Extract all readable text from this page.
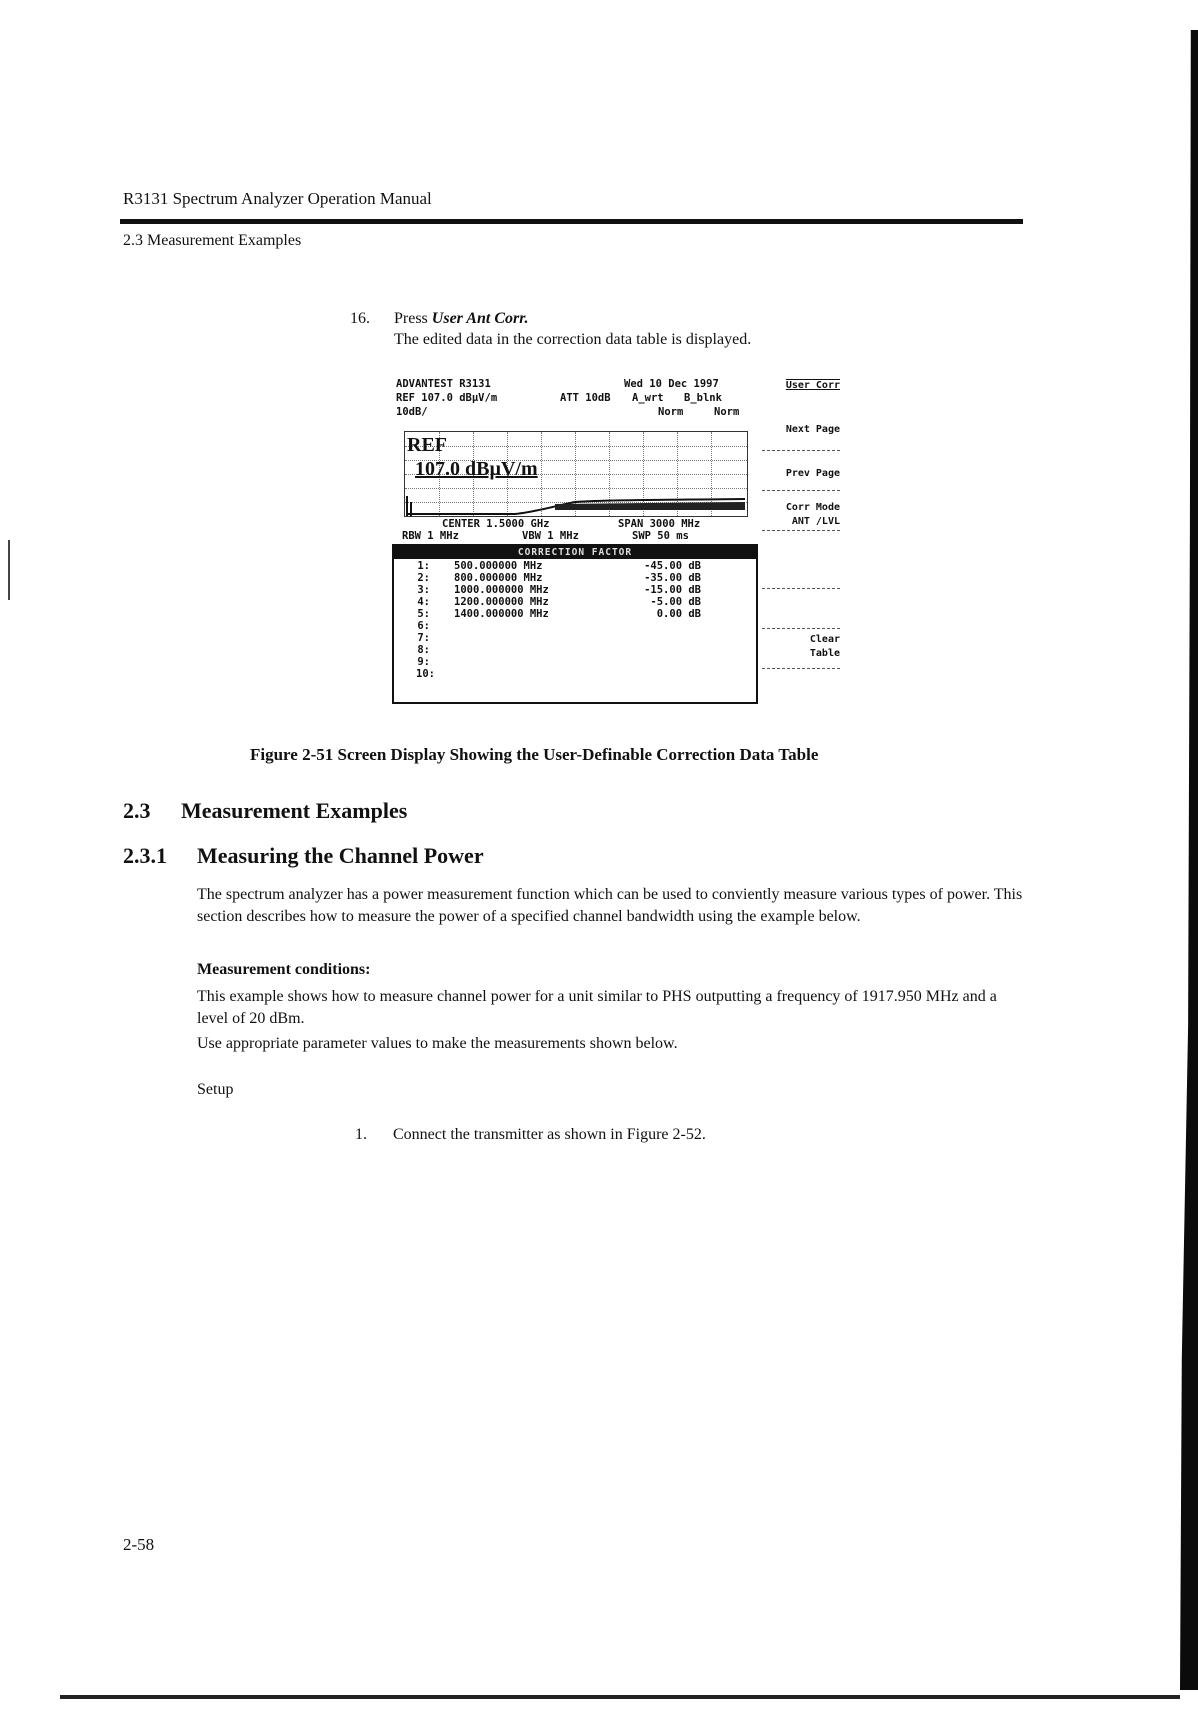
R3131 Spectrum Analyzer Operation Manual
2.3 Measurement Examples
16. Press User Ant Corr.
The edited data in the correction data table is displayed.
ADVANTEST R3131	Wed 10 Dec 1997
REF 107.0 dBµV/m	ATT 10dB A_wrt B_blnk
10dB/	Norm	Norm
REF
107.0 dBµV/m
CENTER 1.5000 GHz	SPAN 3000 MHz
RBW 1 MHz	VBW 1 MHz	SWP 50 ms
CORRECTION FACTOR
1: 500.000000 MHz	-45.00 dB
2: 800.000000 MHz	-35.00 dB
3: 1000.000000 MHz	-15.00 dB
4: 1200.000000 MHz	-5.00 dB
5: 1400.000000 MHz	0.00 dB
6:
7:
8:
9:
10:
User Corr
Next Page
Prev Page
Corr Mode
ANT /LVL
Clear
Table
Figure 2-51 Screen Display Showing the User-Definable Correction Data Table
2.3 Measurement Examples
2.3.1 Measuring the Channel Power
The spectrum analyzer has a power measurement function which can be used to conviently measure various types of power. This section describes how to measure the power of a specified channel bandwidth using the example below.
Measurement conditions:
This example shows how to measure channel power for a unit similar to PHS outputting a frequency of 1917.950 MHz and a level of 20 dBm.
Use appropriate parameter values to make the measurements shown below.
Setup
1. Connect the transmitter as shown in Figure 2-52.
2-58
